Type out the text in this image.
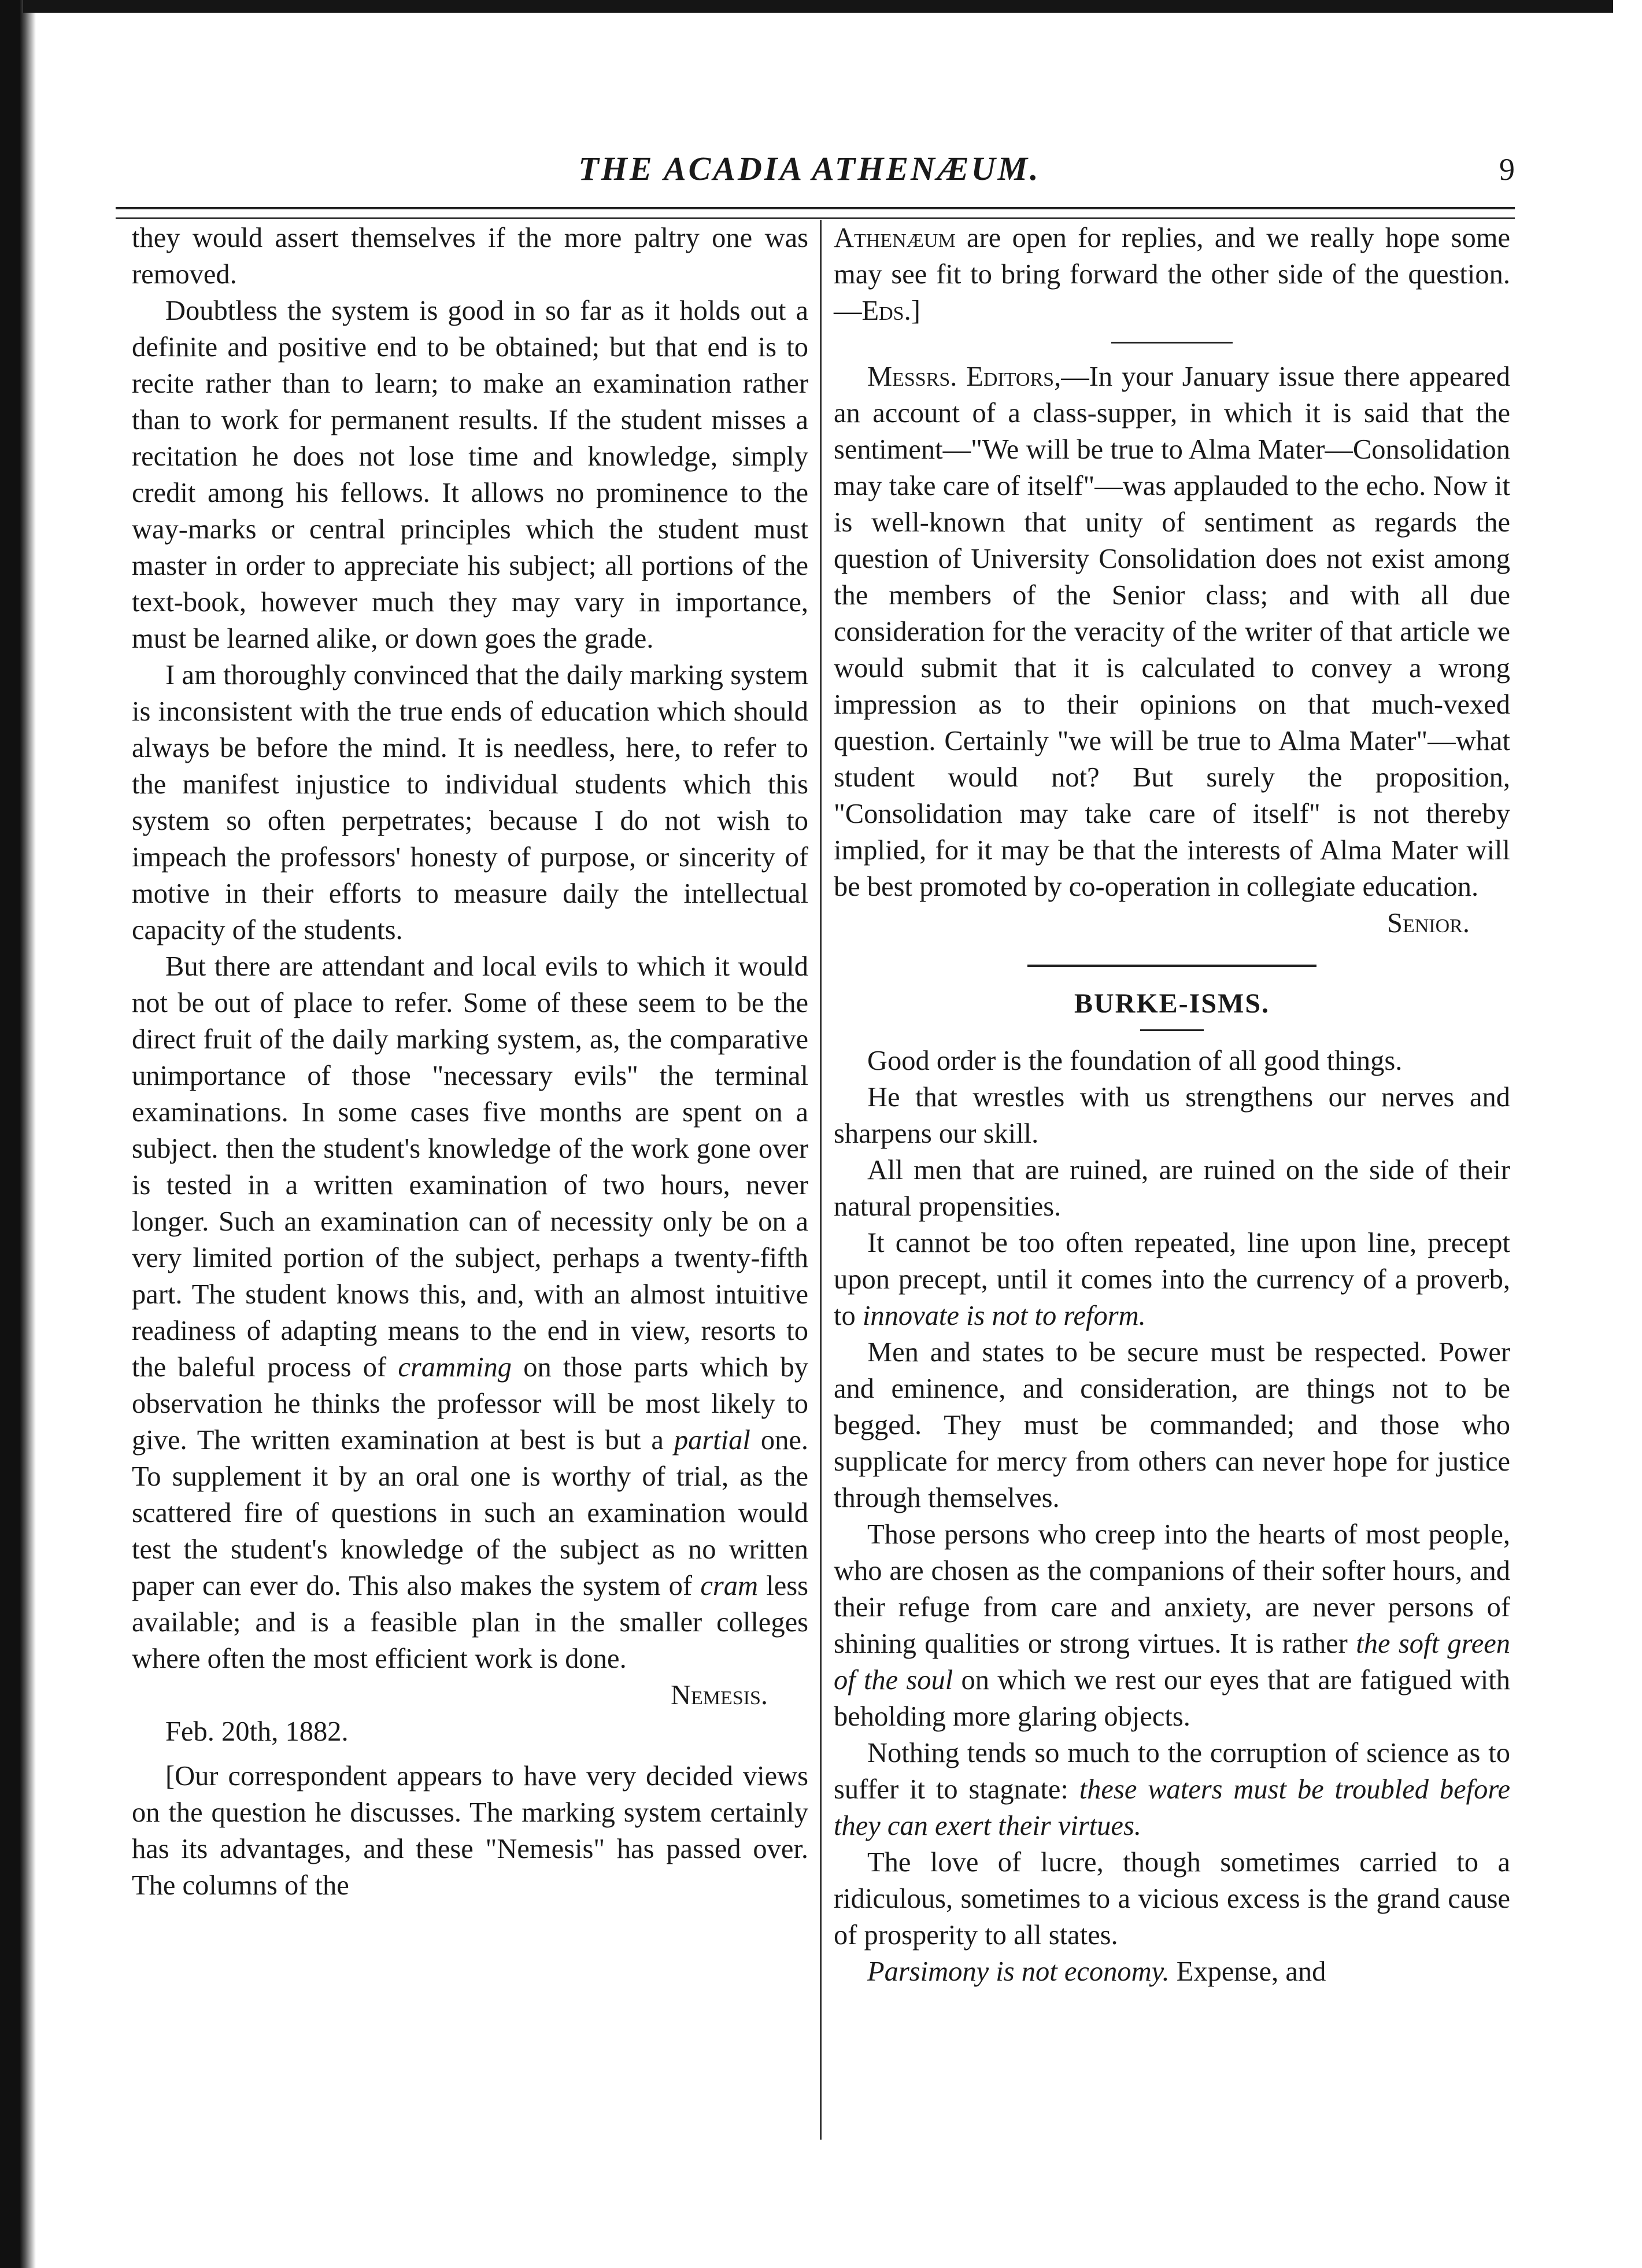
THE ACADIA ATHENÆUM.	9

they would assert themselves if the more paltry one was removed.

Doubtless the system is good in so far as it holds out a definite and positive end to be obtained; but that end is to recite rather than to learn; to make an examination rather than to work for permanent results. If the student misses a recitation he does not lose time and knowledge, simply credit among his fellows. It allows no prominence to the way-marks or central principles which the student must master in order to appreciate his subject; all portions of the text-book, however much they may vary in importance, must be learned alike, or down goes the grade.

I am thoroughly convinced that the daily marking system is inconsistent with the true ends of education which should always be before the mind. It is needless, here, to refer to the manifest injustice to individual students which this system so often perpetrates; because I do not wish to impeach the professors' honesty of purpose, or sincerity of motive in their efforts to measure daily the intellectual capacity of the students.

But there are attendant and local evils to which it would not be out of place to refer. Some of these seem to be the direct fruit of the daily marking system, as, the comparative unimportance of those "necessary evils" the terminal examinations. In some cases five months are spent on a subject. then the student's knowledge of the work gone over is tested in a written examination of two hours, never longer. Such an examination can of necessity only be on a very limited portion of the subject, perhaps a twenty-fifth part. The student knows this, and, with an almost intuitive readiness of adapting means to the end in view, resorts to the baleful process of cramming on those parts which by observation he thinks the professor will be most likely to give. The written examination at best is but a partial one. To supplement it by an oral one is worthy of trial, as the scattered fire of questions in such an examination would test the student's knowledge of the subject as no written paper can ever do. This also makes the system of cram less available; and is a feasible plan in the smaller colleges where often the most efficient work is done.

Nemesis.

Feb. 20th, 1882.

[Our correspondent appears to have very decided views on the question he discusses. The marking system certainly has its advantages, and these "Nemesis" has passed over. The columns of the

Athenæum are open for replies, and we really hope some may see fit to bring forward the other side of the question.—Eds.]

Messrs. Editors,—In your January issue there appeared an account of a class-supper, in which it is said that the sentiment—"We will be true to Alma Mater—Consolidation may take care of itself"—was applauded to the echo. Now it is well-known that unity of sentiment as regards the question of University Consolidation does not exist among the members of the Senior class; and with all due consideration for the veracity of the writer of that article we would submit that it is calculated to convey a wrong impression as to their opinions on that much-vexed question. Certainly "we will be true to Alma Mater"—what student would not? But surely the proposition, "Consolidation may take care of itself" is not thereby implied, for it may be that the interests of Alma Mater will be best promoted by co-operation in collegiate education.

Senior.
BURKE-ISMS.

Good order is the foundation of all good things.

He that wrestles with us strengthens our nerves and sharpens our skill.

All men that are ruined, are ruined on the side of their natural propensities.

It cannot be too often repeated, line upon line, precept upon precept, until it comes into the currency of a proverb, to innovate is not to reform.

Men and states to be secure must be respected. Power and eminence, and consideration, are things not to be begged. They must be commanded; and those who supplicate for mercy from others can never hope for justice through themselves.

Those persons who creep into the hearts of most people, who are chosen as the companions of their softer hours, and their refuge from care and anxiety, are never persons of shining qualities or strong virtues. It is rather the soft green of the soul on which we rest our eyes that are fatigued with beholding more glaring objects.

Nothing tends so much to the corruption of science as to suffer it to stagnate: these waters must be troubled before they can exert their virtues.

The love of lucre, though sometimes carried to a ridiculous, sometimes to a vicious excess is the grand cause of prosperity to all states.

Parsimony is not economy. Expense, and
